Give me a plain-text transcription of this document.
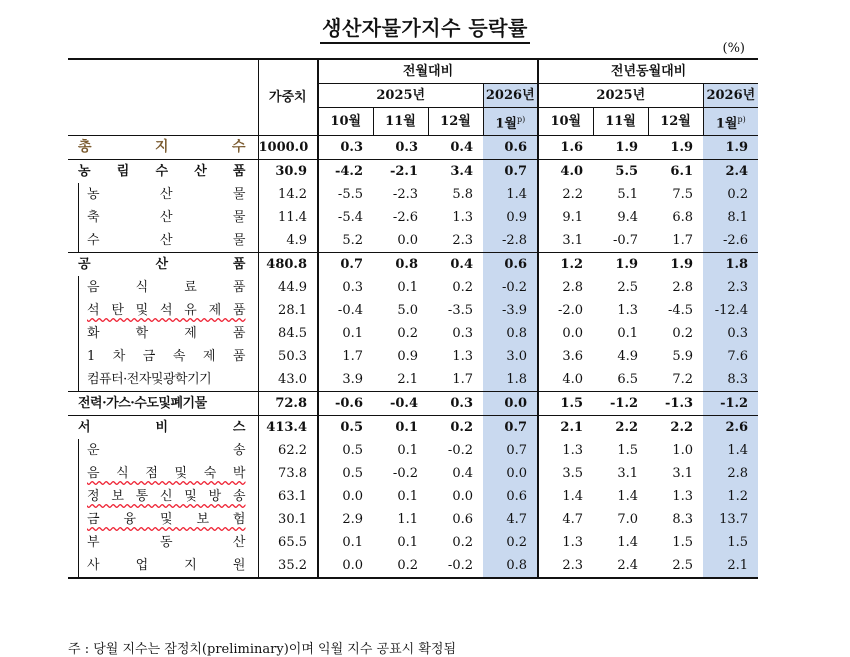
생산자물가지수 등락률
(%)
	가중치	전월대비				전년동월대비			
		2025년			2026년	2025년			2026년
		10월	11월	12월	1월$^{p)}$	10월	11월	12월	1월$^{p)}$

총 지 수	1000.0	0.3	0.3	0.4	0.6	1.6	1.9	1.9	1.9

농 림 수 산 품	30.9	-4.2	-2.1	3.4	0.7	4.0	5.5	6.1	2.4

농 산 물	14.2	-5.5	-2.3	5.8	1.4	2.2	5.1	7.5	0.2

축 산 물	11.4	-5.4	-2.6	1.3	0.9	9.1	9.4	6.8	8.1

수 산 물	4.9	5.2	0.0	2.3	-2.8	3.1	-0.7	1.7	-2.6

공 산 품	480.8	0.7	0.8	0.4	0.6	1.2	1.9	1.9	1.8

음 식 료 품	44.9	0.3	0.1	0.2	-0.2	2.8	2.5	2.8	2.3

석 탄 및 석 유 제 품	28.1	-0.4	5.0	-3.5	-3.9	-2.0	1.3	-4.5	-12.4

화 학 제 품	84.5	0.1	0.2	0.3	0.8	0.0	0.1	0.2	0.3

1 차 금 속 제 품	50.3	1.7	0.9	1.3	3.0	3.6	4.9	5.9	7.6

컴퓨터·전자및광학기기	43.0	3.9	2.1	1.7	1.8	4.0	6.5	7.2	8.3

전력·가스·수도및폐기물	72.8	-0.6	-0.4	0.3	0.0	1.5	-1.2	-1.3	-1.2

서 비 스	413.4	0.5	0.1	0.2	0.7	2.1	2.2	2.2	2.6

운 송	62.2	0.5	0.1	-0.2	0.7	1.3	1.5	1.0	1.4

음 식 점 및 숙 박	73.8	0.5	-0.2	0.4	0.0	3.5	3.1	3.1	2.8

정 보 통 신 및 방 송	63.1	0.0	0.1	0.0	0.6	1.4	1.4	1.3	1.2

금 융 및 보 험	30.1	2.9	1.1	0.6	4.7	4.7	7.0	8.3	13.7

부 동 산	65.5	0.1	0.1	0.2	0.2	1.3	1.4	1.5	1.5

사 업 지 원	35.2	0.0	0.2	-0.2	0.8	2.3	2.4	2.5	2.1
주 : 당월 지수는 잠정치(preliminary)이며 익월 지수 공표시 확정됨
